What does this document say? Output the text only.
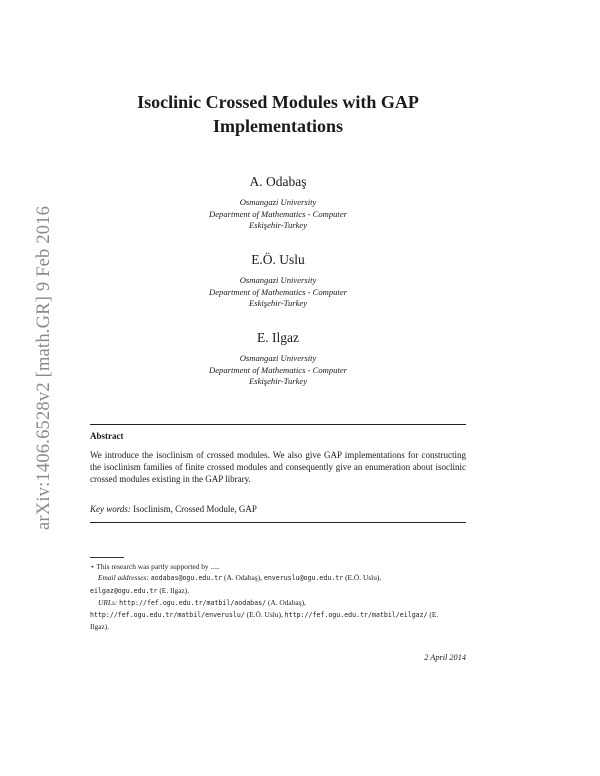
arXiv:1406.6528v2 [math.GR] 9 Feb 2016
Isoclinic Crossed Modules with GAP
Implementations
A. Odabaş
Osmangazi University
Department of Mathematics - Computer
Eskişehir-Turkey
E.Ö. Uslu
Osmangazi University
Department of Mathematics - Computer
Eskişehir-Turkey
E. Ilgaz
Osmangazi University
Department of Mathematics - Computer
Eskişehir-Turkey
Abstract
We introduce the isoclinism of crossed modules. We also give GAP implementations for constructing the isoclinism families of finite crossed modules and consequently give an enumeration about isoclinic crossed modules existing in the GAP library.
Key words: Isoclinism, Crossed Module, GAP
⋆ This research was partly supported by .....
Email addresses: aodabas@ogu.edu.tr (A. Odabaş), enveruslu@ogu.edu.tr (E.Ö. Uslu),
eilgaz@ogu.edu.tr (E. Ilgaz).
URLs: http://fef.ogu.edu.tr/matbil/aodabas/ (A. Odabaş),
http://fef.ogu.edu.tr/matbil/enveruslu/ (E.Ö. Uslu), http://fef.ogu.edu.tr/matbil/eilgaz/ (E.
Ilgaz).
2 April 2014
